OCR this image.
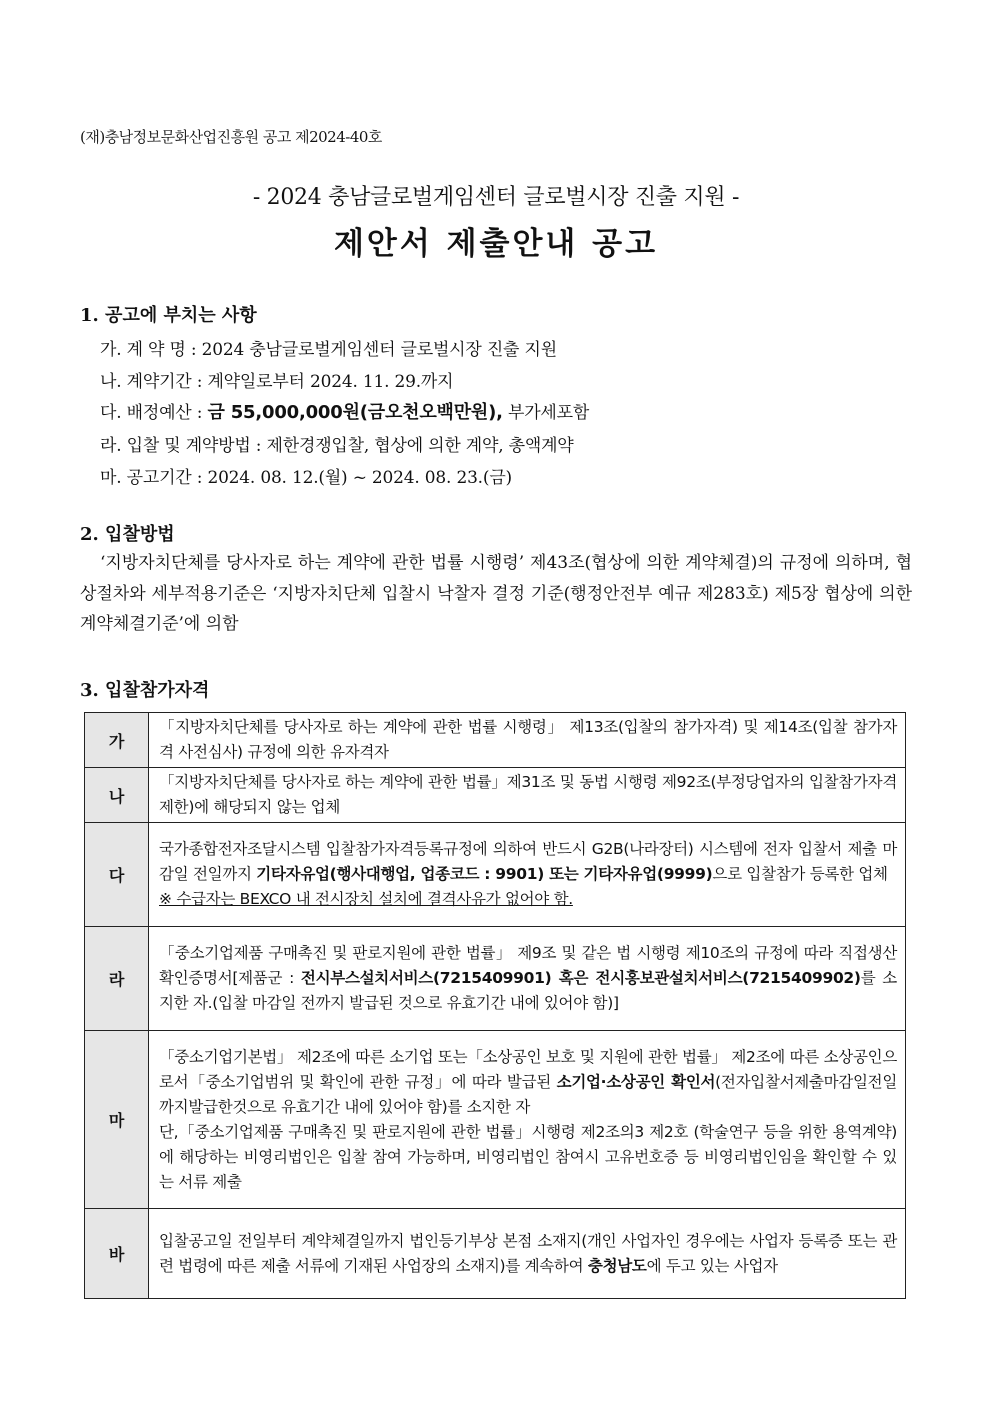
(재)충남정보문화산업진흥원 공고 제2024-40호
- 2024 충남글로벌게임센터 글로벌시장 진출 지원 -
제안서 제출안내 공고
1. 공고에 부치는 사항
가. 계 약 명 : 2024 충남글로벌게임센터 글로벌시장 진출 지원
나. 계약기간 : 계약일로부터 2024. 11. 29.까지
다. 배정예산 : 금 55,000,000원(금오천오백만원), 부가세포함
라. 입찰 및 계약방법 : 제한경쟁입찰, 협상에 의한 계약, 총액계약
마. 공고기간 : 2024. 08. 12.(월) ~ 2024. 08. 23.(금)
2. 입찰방법
‘지방자치단체를 당사자로 하는 계약에 관한 법률 시행령’ 제43조(협상에 의한 계약체결)의 규정에 의하며, 협상절차와 세부적용기준은 ‘지방자치단체 입찰시 낙찰자 결정 기준(행정안전부 예규 제283호) 제5장 협상에 의한 계약체결기준’에 의함
3. 입찰참가자격
가	「지방자치단체를 당사자로 하는 계약에 관한 법률 시행령」 제13조(입찰의 참가자격) 및 제14조(입찰 참가자격 사전심사) 규정에 의한 유자격자
나	「지방자치단체를 당사자로 하는 계약에 관한 법률」제31조 및 동법 시행령 제92조(부정당업자의 입찰참가자격 제한)에 해당되지 않는 업체
다	국가종합전자조달시스템 입찰참가자격등록규정에 의하여 반드시 G2B(나라장터) 시스템에 전자 입찰서 제출 마감일 전일까지 기타자유업(행사대행업, 업종코드 : 9901) 또는 기타자유업(9999)으로 입찰참가 등록한 업체
※ 수급자는 BEXCO 내 전시장치 설치에 결격사유가 없어야 함.
라	「중소기업제품 구매촉진 및 판로지원에 관한 법률」 제9조 및 같은 법 시행령 제10조의 규정에 따라 직접생산확인증명서[제품군 : 전시부스설치서비스(7215409901) 혹은 전시홍보관설치서비스(7215409902)를 소지한 자.(입찰 마감일 전까지 발급된 것으로 유효기간 내에 있어야 함)]
마	「중소기업기본법」 제2조에 따른 소기업 또는「소상공인 보호 및 지원에 관한 법률」 제2조에 따른 소상공인으로서「중소기업범위 및 확인에 관한 규정」에 따라 발급된 소기업·소상공인 확인서(전자입찰서제출마감일전일까지발급한것으로 유효기간 내에 있어야 함)를 소지한 자
단,「중소기업제품 구매촉진 및 판로지원에 관한 법률」시행령 제2조의3 제2호 (학술연구 등을 위한 용역계약)에 해당하는 비영리법인은 입찰 참여 가능하며, 비영리법인 참여시 고유번호증 등 비영리법인임을 확인할 수 있는 서류 제출
바	입찰공고일 전일부터 계약체결일까지 법인등기부상 본점 소재지(개인 사업자인 경우에는 사업자 등록증 또는 관련 법령에 따른 제출 서류에 기재된 사업장의 소재지)를 계속하여 충청남도에 두고 있는 사업자
